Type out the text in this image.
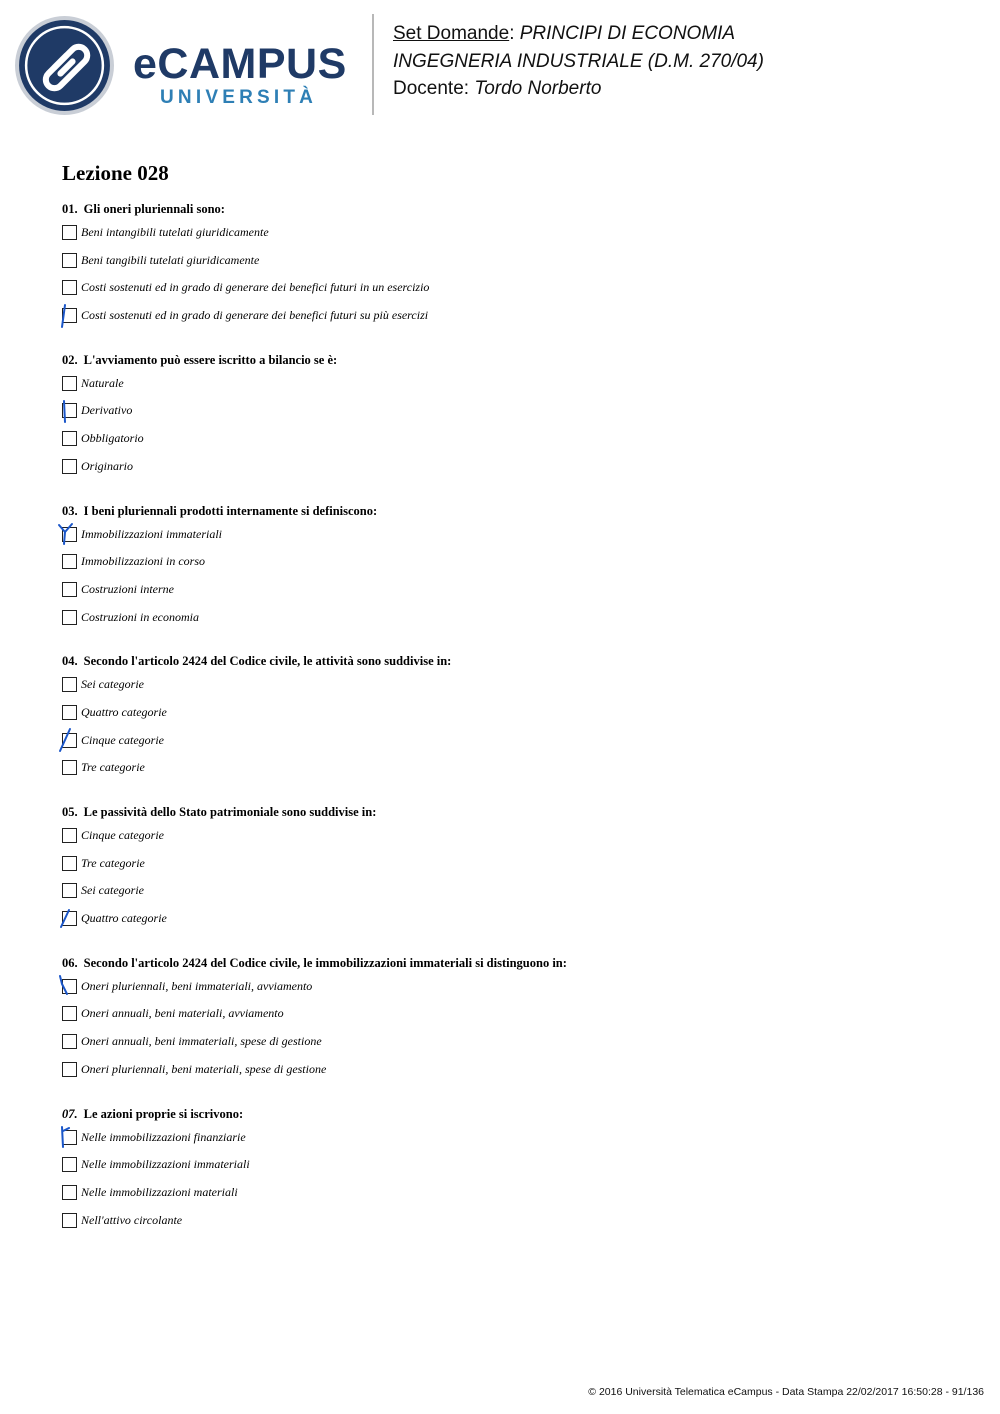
eCAMPUS
UNIVERSITÀ
Set Domande: PRINCIPI DI ECONOMIA
INGEGNERIA INDUSTRIALE (D.M. 270/04)
Docente: Tordo Norberto
Lezione 028
01. Gli oneri pluriennali sono:
Beni intangibili tutelati giuridicamente
Beni tangibili tutelati giuridicamente
Costi sostenuti ed in grado di generare dei benefici futuri in un esercizio
Costi sostenuti ed in grado di generare dei benefici futuri su più esercizi
02. L'avviamento può essere iscritto a bilancio se è:
Naturale
Derivativo
Obbligatorio
Originario
03. I beni pluriennali prodotti internamente si definiscono:
Immobilizzazioni immateriali
Immobilizzazioni in corso
Costruzioni interne
Costruzioni in economia
04. Secondo l'articolo 2424 del Codice civile, le attività sono suddivise in:
Sei categorie
Quattro categorie
Cinque categorie
Tre categorie
05. Le passività dello Stato patrimoniale sono suddivise in:
Cinque categorie
Tre categorie
Sei categorie
Quattro categorie
06. Secondo l'articolo 2424 del Codice civile, le immobilizzazioni immateriali si distinguono in:
Oneri pluriennali, beni immateriali, avviamento
Oneri annuali, beni materiali, avviamento
Oneri annuali, beni immateriali, spese di gestione
Oneri pluriennali, beni materiali, spese di gestione
07. Le azioni proprie si iscrivono:
Nelle immobilizzazioni finanziarie
Nelle immobilizzazioni immateriali
Nelle immobilizzazioni materiali
Nell'attivo circolante
© 2016 Università Telematica eCampus - Data Stampa 22/02/2017 16:50:28 - 91/136
